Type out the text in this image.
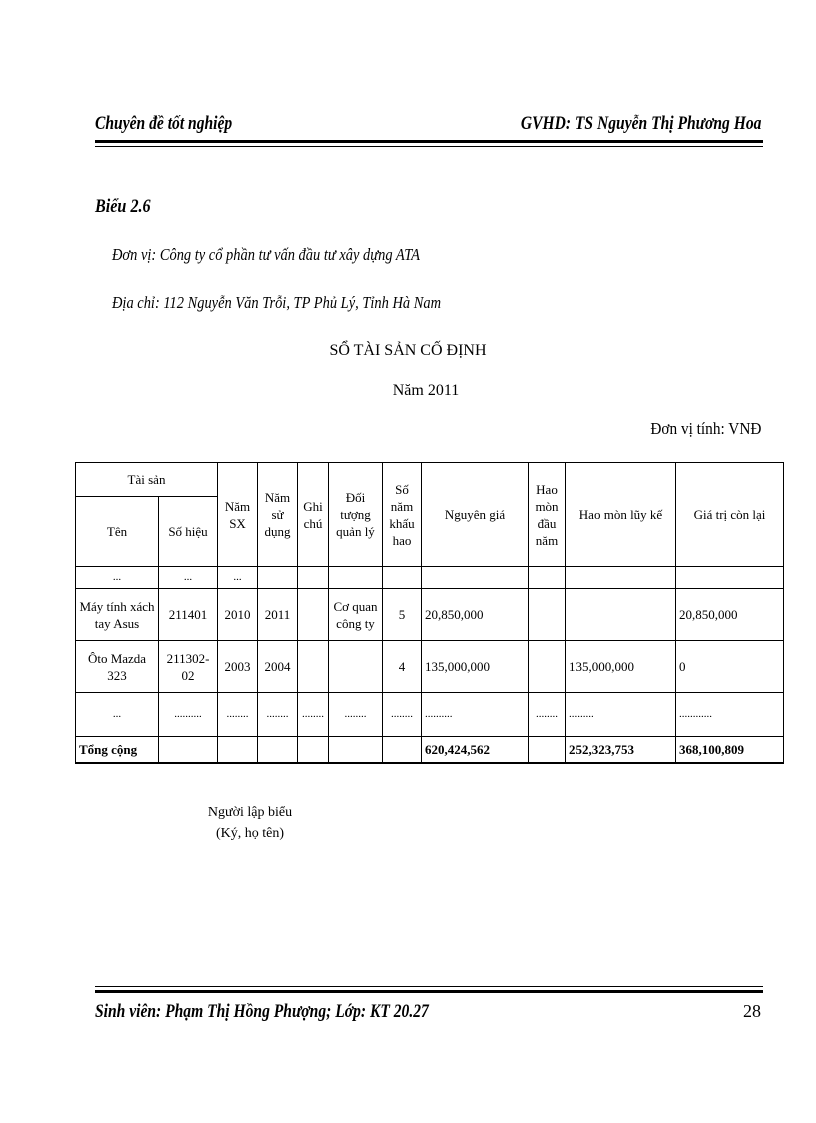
Chuyên đề tốt nghiệp	GVHD: TS Nguyễn Thị Phương Hoa
Biểu 2.6
Đơn vị: Công ty cổ phần tư vấn đầu tư xây dựng ATA
Địa chỉ: 112 Nguyễn Văn Trỗi, TP Phủ Lý, Tỉnh Hà Nam
SỔ TÀI SẢN CỐ ĐỊNH
Năm 2011
Đơn vị tính: VNĐ
Tài sản		Năm SX	Năm sử dụng	Ghi chú	Đối tượng quản lý	Số năm khấu hao	Nguyên giá	Hao mòn đầu năm	Hao mòn lũy kế	Giá trị còn lại
Tên	Số hiệu									
...	...	...								
Máy tính xách tay Asus	211401	2010	2011		Cơ quan công ty	5	20,850,000			20,850,000
Ôto Mazda 323	211302-02	2003	2004			4	135,000,000		135,000,000	0
...	..........	........	........	........	........	........	..........	........	.........	............
Tổng cộng							620,424,562		252,323,753	368,100,809
Người lập biểu
(Ký, họ tên)
Sinh viên: Phạm Thị Hồng Phượng; Lớp: KT 20.27	28
